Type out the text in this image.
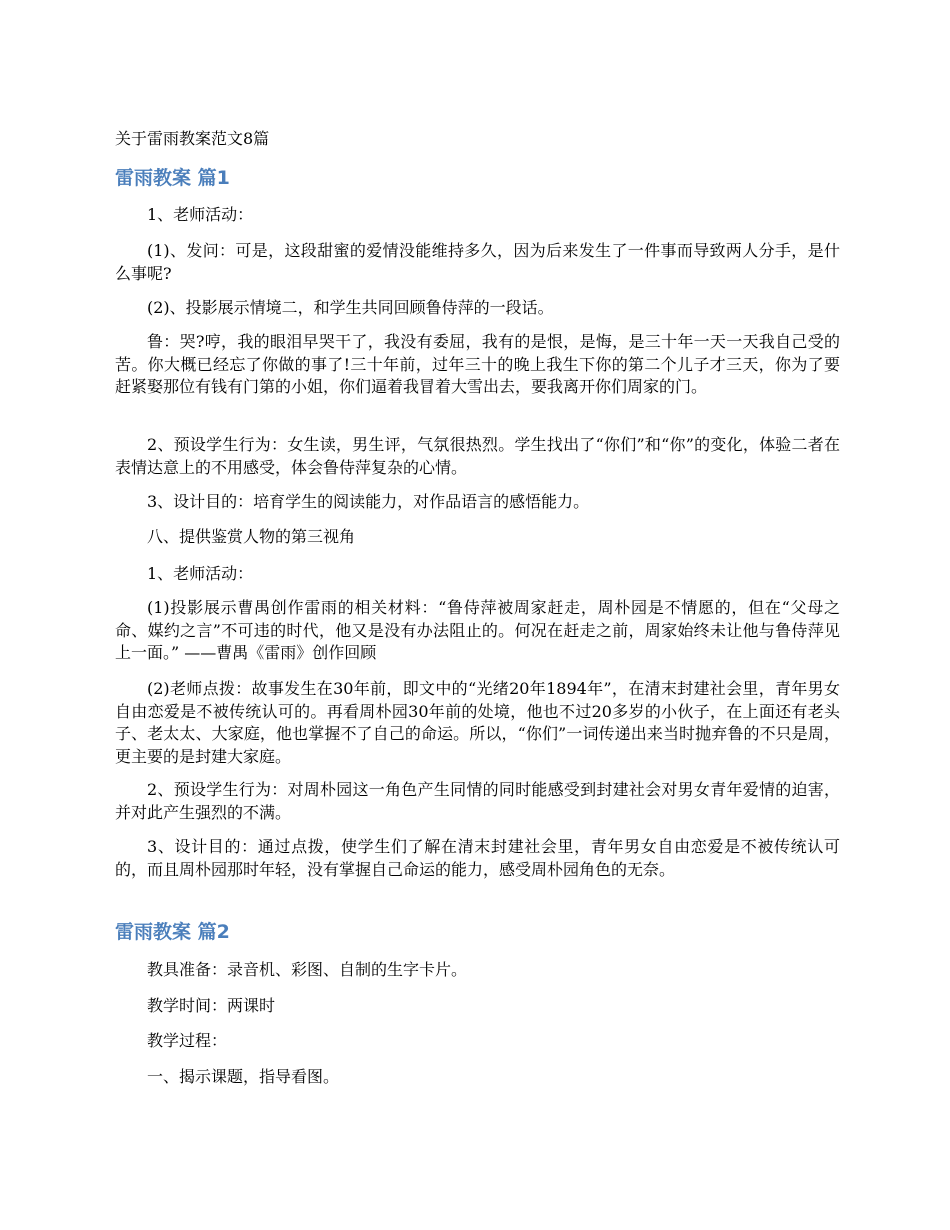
关于雷雨教案范文8篇
雷雨教案 篇1

1、老师活动：

(1)、发问：可是，这段甜蜜的爱情没能维持多久，因为后来发生了一件事而导致两人分手，是什么事呢?

(2)、投影展示情境二，和学生共同回顾鲁侍萍的一段话。

鲁：哭?哼，我的眼泪早哭干了，我没有委屈，我有的是恨，是悔，是三十年一天一天我自己受的苦。你大概已经忘了你做的事了!三十年前，过年三十的晚上我生下你的第二个儿子才三天，你为了要赶紧娶那位有钱有门第的小姐，你们逼着我冒着大雪出去，要我离开你们周家的门。

2、预设学生行为：女生读，男生评，气氛很热烈。学生找出了“你们”和“你”的变化，体验二者在表情达意上的不用感受，体会鲁侍萍复杂的心情。

3、设计目的：培育学生的阅读能力，对作品语言的感悟能力。

八、提供鉴赏人物的第三视角

1、老师活动：

(1)投影展示曹禺创作雷雨的相关材料：“鲁侍萍被周家赶走，周朴园是不情愿的，但在“父母之命、媒约之言”不可违的时代，他又是没有办法阻止的。何况在赶走之前，周家始终未让他与鲁侍萍见上一面。” ——曹禺《雷雨》创作回顾

(2)老师点拨：故事发生在30年前，即文中的“光绪20年1894年”，在清末封建社会里，青年男女自由恋爱是不被传统认可的。再看周朴园30年前的处境，他也不过20多岁的小伙子，在上面还有老头子、老太太、大家庭，他也掌握不了自己的命运。所以，“你们”一词传递出来当时抛弃鲁的不只是周，更主要的是封建大家庭。

2、预设学生行为：对周朴园这一角色产生同情的同时能感受到封建社会对男女青年爱情的迫害，并对此产生强烈的不满。

3、设计目的：通过点拨，使学生们了解在清末封建社会里，青年男女自由恋爱是不被传统认可的，而且周朴园那时年轻，没有掌握自己命运的能力，感受周朴园角色的无奈。

雷雨教案 篇2

教具准备：录音机、彩图、自制的生字卡片。

教学时间：两课时

教学过程：

一、揭示课题，指导看图。
